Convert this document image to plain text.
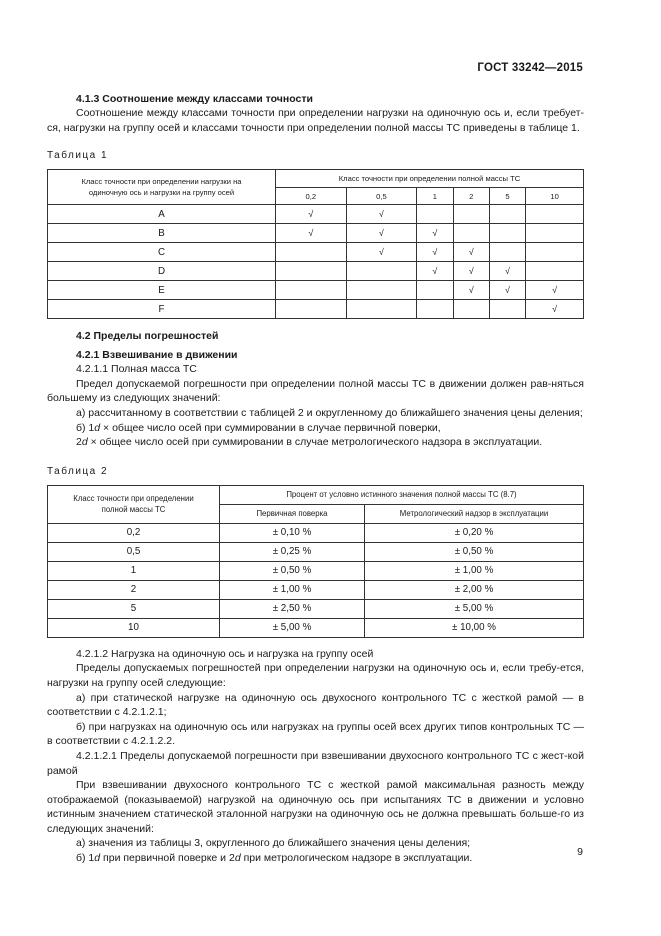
ГОСТ 33242—2015
4.1.3 Соотношение между классами точности

Соотношение между классами точности при определении нагрузки на одиночную ось и, если требует-ся, нагрузки на группу осей и классами точности при определении полной массы ТС приведены в таблице 1.

Таблица 1
Класс точности при определении нагрузки на одиночную ось и нагрузки на группу осей	Класс точности при определении полной массы ТС					
	0,2	0,5	1	2	5	10
A	√	√				
B	√	√	√			
C		√	√	√		
D			√	√	√	
E				√	√	√
F						√
4.2 Пределы погрешностей
4.2.1 Взвешивание в движении

4.2.1.1 Полная масса ТС

Предел допускаемой погрешности при определении полной массы ТС в движении должен рав-няться большему из следующих значений:

а) рассчитанному в соответствии с таблицей 2 и округленному до ближайшего значения цены деления;

б) 1d × общее число осей при суммировании в случае первичной поверки,

2d × общее число осей при суммировании в случае метрологического надзора в эксплуатации.

Таблица 2
Класс точности при определении полной массы ТС	Процент от условно истинного значения полной массы ТС (8.7)	
	Первичная поверка	Метрологический надзор в эксплуатации
0,2	± 0,10 %	± 0,20 %
0,5	± 0,25 %	± 0,50 %
1	± 0,50 %	± 1,00 %
2	± 1,00 %	± 2,00 %
5	± 2,50 %	± 5,00 %
10	± 5,00 %	± 10,00 %

4.2.1.2 Нагрузка на одиночную ось и нагрузка на группу осей

Пределы допускаемых погрешностей при определении нагрузки на одиночную ось и, если требу-ется, нагрузки на группу осей следующие:

а) при статической нагрузке на одиночную ось двухосного контрольного ТС с жесткой рамой — в соответствии с 4.2.1.2.1;

б) при нагрузках на одиночную ось или нагрузках на группы осей всех других типов контрольных ТС — в соответствии с 4.2.1.2.2.

4.2.1.2.1 Пределы допускаемой погрешности при взвешивании двухосного контрольного ТС с жест-кой рамой

При взвешивании двухосного контрольного ТС с жесткой рамой максимальная разность между отображаемой (показываемой) нагрузкой на одиночную ось при испытаниях ТС в движении и условно истинным значением статической эталонной нагрузки на одиночную ось не должна превышать больше-го из следующих значений:

а) значения из таблицы 3, округленного до ближайшего значения цены деления;

б) 1d при первичной поверке и 2d при метрологическом надзоре в эксплуатации.

9
